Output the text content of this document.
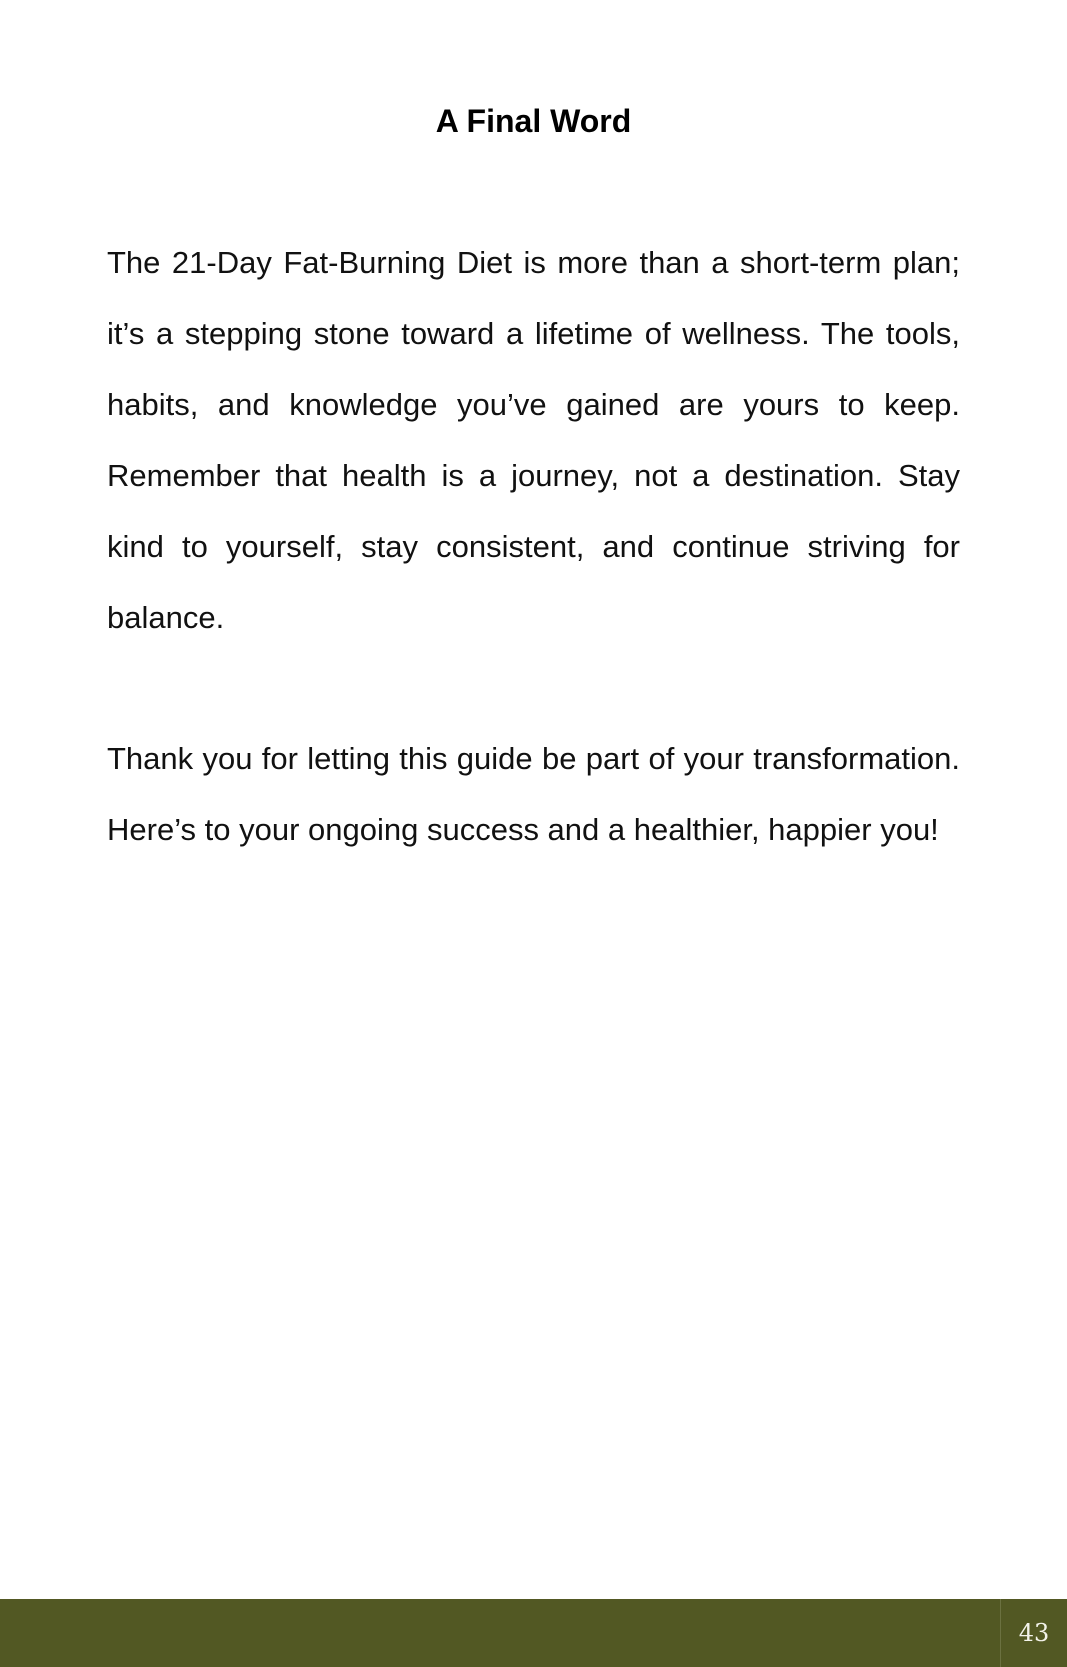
A Final Word

The 21-Day Fat-Burning Diet is more than a short-term plan; it’s a stepping stone toward a lifetime of wellness. The tools, habits, and knowledge you’ve gained are yours to keep. Remember that health is a journey, not a destination. Stay kind to yourself, stay consistent, and continue striving for balance.

Thank you for letting this guide be part of your transformation. Here’s to your ongoing success and a healthier, happier you!

43
